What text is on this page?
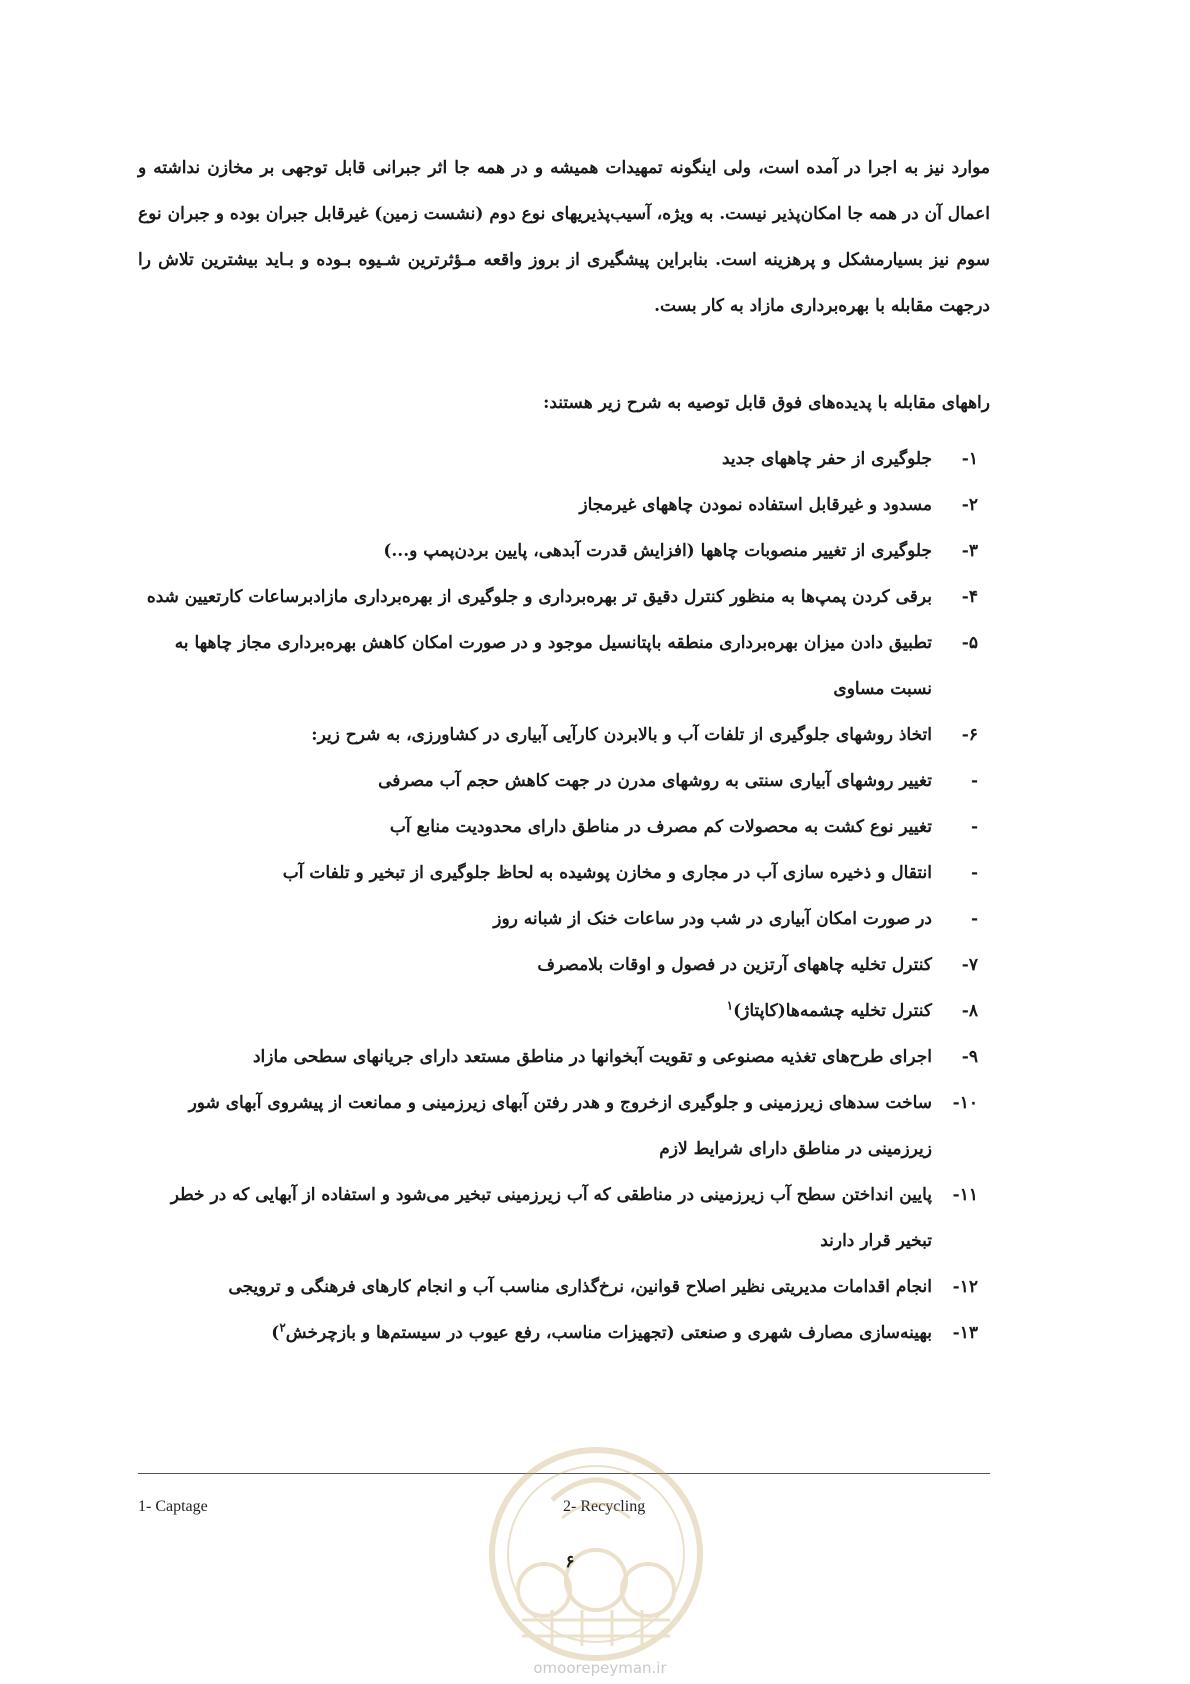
موارد نیز به اجرا در آمده است، ولی اینگونه تمهیدات همیشه و در همه جا اثر جبرانی قابل توجهی بر مخازن نداشته و اعمال آن در همه جا امکان‌پذیر نیست. به ویژه، آسیب‌پذیریهای نوع دوم (نشست زمین) غیرقابل جبران بوده و جبران نوع سوم نیز بسیارمشکل و پرهزینه است. بنابراین پیشگیری از بروز واقعه مـؤثرترین شـیوه بـوده و بـاید بیشترین تلاش را درجهت مقابله با بهره‌برداری مازاد به کار بست.
راههای مقابله با پدیده‌های فوق قابل توصیه به شرح زیر هستند:
۱-
جلوگیری از حفر چاههای جدید
۲-
مسدود و غیرقابل استفاده نمودن چاههای غیرمجاز
۳-
جلوگیری از تغییر منصوبات چاهها (افزایش قدرت آبدهی، پایین بردن‌پمپ و...)
۴-
برقی کردن پمپ‌ها به منظور کنترل دقیق تر بهره‌برداری و جلوگیری از بهره‌برداری مازادبرساعات کارتعیین شده
۵-
تطبیق دادن میزان بهره‌برداری منطقه باپتانسیل موجود و در صورت امکان کاهش بهره‌برداری مجاز چاهها به نسبت مساوی
۶-
اتخاذ روشهای جلوگیری از تلفات آب و بالابردن کارآیی آبیاری در کشاورزی، به شرح زیر:
-
تغییر روشهای آبیاری سنتی به روشهای مدرن در جهت کاهش حجم آب مصرفی
-
تغییر نوع کشت به محصولات کم مصرف در مناطق دارای محدودیت منابع آب
-
انتقال و ذخیره سازی آب در مجاری و مخازن پوشیده به لحاظ جلوگیری از تبخیر و تلفات آب
-
در صورت امکان آبیاری در شب ودر ساعات خنک از شبانه روز
۷-
کنترل تخلیه چاههای آرتزین در فصول و اوقات بلامصرف
۸-
کنترل تخلیه چشمه‌ها(کاپتاژ)$^۱$
۹-
اجرای طرح‌های تغذیه مصنوعی و تقویت آبخوانها در مناطق مستعد دارای جریانهای سطحی مازاد
۱۰-
ساخت سدهای زیرزمینی و جلوگیری ازخروج و هدر رفتن آبهای زیرزمینی و ممانعت از پیشروی آبهای شور زیرزمینی در مناطق دارای شرایط لازم
۱۱-
پایین انداختن سطح آب زیرزمینی در مناطقی که آب زیرزمینی تبخیر می‌شود و استفاده از آبهایی که در خطر تبخیر قرار دارند
۱۲-
انجام اقدامات مدیریتی نظیر اصلاح قوانین، نرخ‌گذاری مناسب آب و انجام کارهای فرهنگی و ترویجی
۱۳-
بهینه‌سازی مصارف شهری و صنعتی (تجهیزات مناسب، رفع عیوب در سیستم‌ها و بازچرخش$^۲$)
1- Captage	2- Recycling
۶
omoorepeyman.ir
